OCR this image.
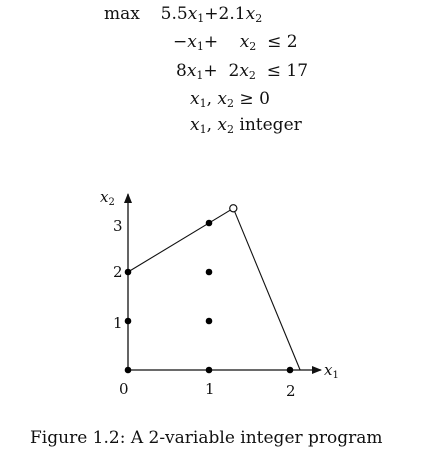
$\max 5.5x_1+2.1x_2$
$-x_1+$    $x_2 \le 2$
$8x_1+ 2x_2 \le 17$
$x_1$, $x_2 \ge 0$
$x_1$, $x_2$ integer
$x_1$
$x_2$
0	1	2
1
2
3
Figure 1.2: A 2-variable integer program
